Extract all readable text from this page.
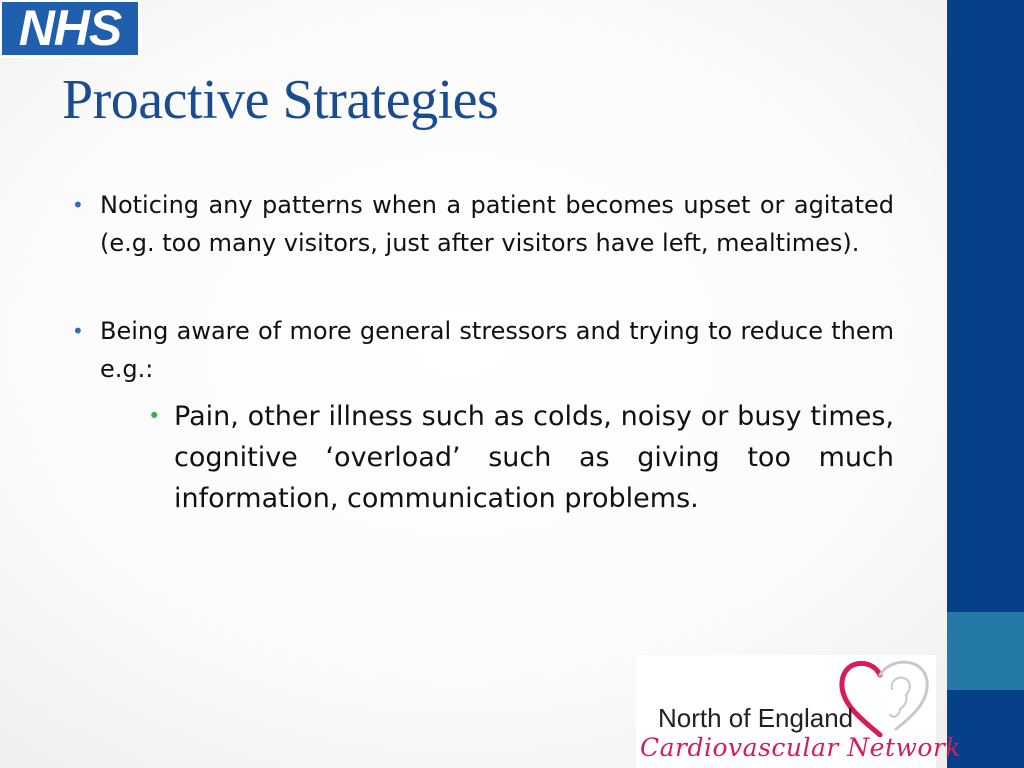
NHS
Proactive Strategies
• Noticing any patterns when a patient becomes upset or agitated (e.g. too many visitors, just after visitors have left, mealtimes).
• Being aware of more general stressors and trying to reduce them e.g.:
• Pain, other illness such as colds, noisy or busy times, cognitive ‘overload’ such as giving too much information, communication problems.
North of England
Cardiovascular Network
